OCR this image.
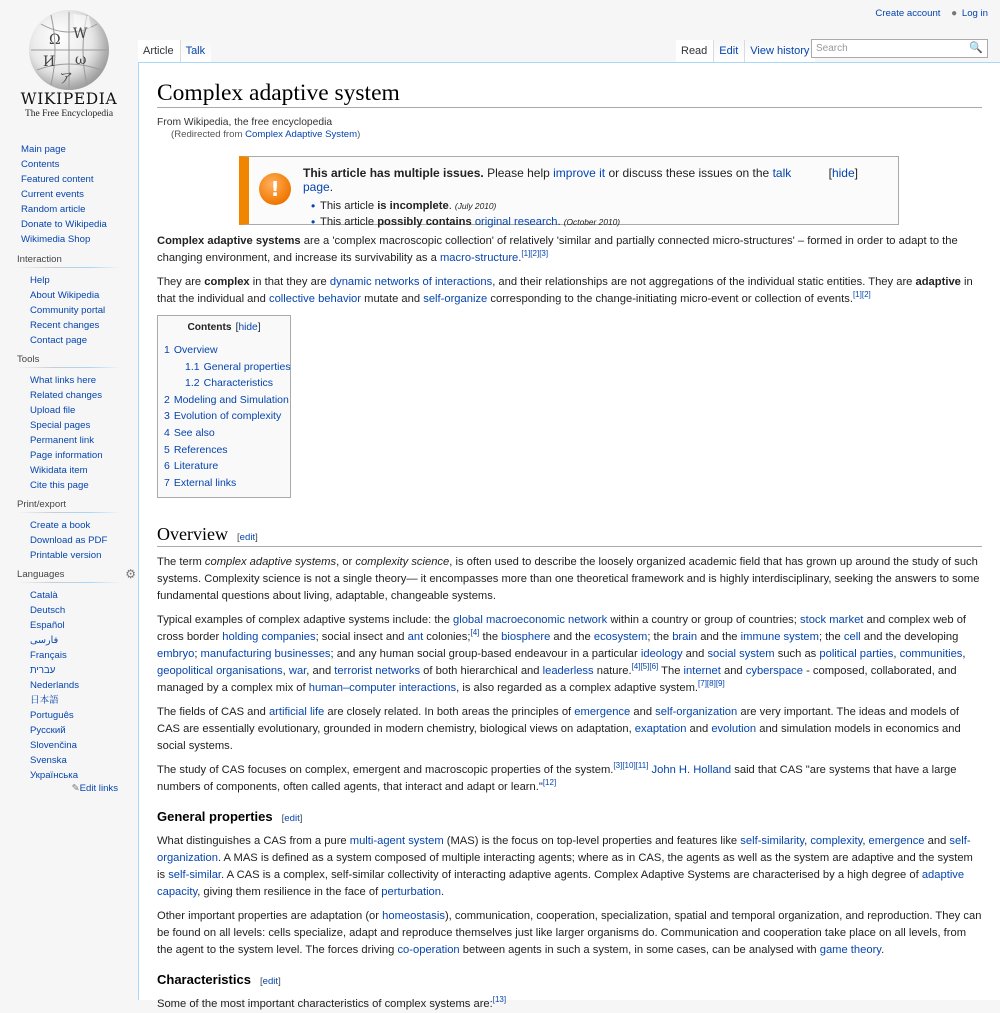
Ω W
И ω
ア
WIKIPEDIA
The Free Encyclopedia
Create account ● Log in
Article	Talk	Read	Edit	View history Search	🔍
Main page
Contents
Featured content
Current events
Random article
Donate to Wikipedia
Wikimedia Shop
Interaction
Help
About Wikipedia
Community portal
Recent changes
Contact page
Tools
What links here
Related changes
Upload file
Special pages
Permanent link
Page information
Wikidata item
Cite this page
Print/export
Create a book
Download as PDF
Printable version
Languages	⚙
Català
Deutsch
Español
فارسی
Français
עברית
Nederlands
日本語
Português
Русский
Slovenčina
Svenska
Українська
✎Edit links
Complex adaptive system
From Wikipedia, the free encyclopedia
(Redirected from Complex Adaptive System)
!
This article has multiple issues. Please help improve it or discuss these issues on the talk page.
• This article is incomplete. (July 2010)
• This article possibly contains original research. (October 2010)
[hide]

Complex adaptive systems are a 'complex macroscopic collection' of relatively 'similar and partially connected micro-structures' – formed in order to adapt to the changing environment, and increase its survivability as a macro-structure.[1][2][3]

They are complex in that they are dynamic networks of interactions, and their relationships are not aggregations of the individual static entities. They are adaptive in that the individual and collective behavior mutate and self-organize corresponding to the change-initiating micro-event or collection of events.[1][2]

Contents [hide]
1 Overview
1.1 General properties
1.2 Characteristics
2 Modeling and Simulation
3 Evolution of complexity
4 See also
5 References
6 Literature
7 External links
Overview [edit]

The term complex adaptive systems, or complexity science, is often used to describe the loosely organized academic field that has grown up around the study of such systems. Complexity science is not a single theory— it encompasses more than one theoretical framework and is highly interdisciplinary, seeking the answers to some fundamental questions about living, adaptable, changeable systems.

Typical examples of complex adaptive systems include: the global macroeconomic network within a country or group of countries; stock market and complex web of cross border holding companies; social insect and ant colonies;[4] the biosphere and the ecosystem; the brain and the immune system; the cell and the developing embryo; manufacturing businesses; and any human social group-based endeavour in a particular ideology and social system such as political parties, communities, geopolitical organisations, war, and terrorist networks of both hierarchical and leaderless nature.[4][5][6] The internet and cyberspace - composed, collaborated, and managed by a complex mix of human–computer interactions, is also regarded as a complex adaptive system.[7][8][9]

The fields of CAS and artificial life are closely related. In both areas the principles of emergence and self-organization are very important. The ideas and models of CAS are essentially evolutionary, grounded in modern chemistry, biological views on adaptation, exaptation and evolution and simulation models in economics and social systems.

The study of CAS focuses on complex, emergent and macroscopic properties of the system.[3][10][11] John H. Holland said that CAS "are systems that have a large numbers of components, often called agents, that interact and adapt or learn."[12]

General properties [edit]

What distinguishes a CAS from a pure multi-agent system (MAS) is the focus on top-level properties and features like self-similarity, complexity, emergence and self-organization. A MAS is defined as a system composed of multiple interacting agents; where as in CAS, the agents as well as the system are adaptive and the system is self-similar. A CAS is a complex, self-similar collectivity of interacting adaptive agents. Complex Adaptive Systems are characterised by a high degree of adaptive capacity, giving them resilience in the face of perturbation.

Other important properties are adaptation (or homeostasis), communication, cooperation, specialization, spatial and temporal organization, and reproduction. They can be found on all levels: cells specialize, adapt and reproduce themselves just like larger organisms do. Communication and cooperation take place on all levels, from the agent to the system level. The forces driving co-operation between agents in such a system, in some cases, can be analysed with game theory.

Characteristics [edit]

Some of the most important characteristics of complex systems are:[13]
